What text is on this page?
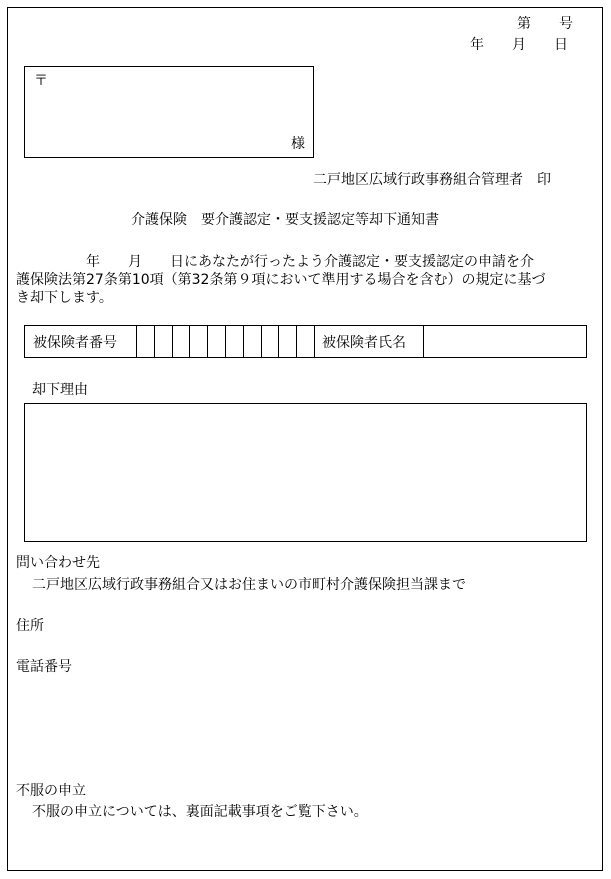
第　　号
年　　月　　日
〒
様
二戸地区広域行政事務組合管理者　印
介護保険　要介護認定・要支援認定等却下通知書
　　　　　年　　月　　日にあなたが行ったよう介護認定・要支援認定の申請を介
護保険法第27条第10項（第32条第９項において準用する場合を含む）の規定に基づ
き却下します。
被保険者番号	被保険者氏名
却下理由
問い合わせ先
二戸地区広域行政事務組合又はお住まいの市町村介護保険担当課まで
住所
電話番号
不服の申立
不服の申立については、裏面記載事項をご覧下さい。
